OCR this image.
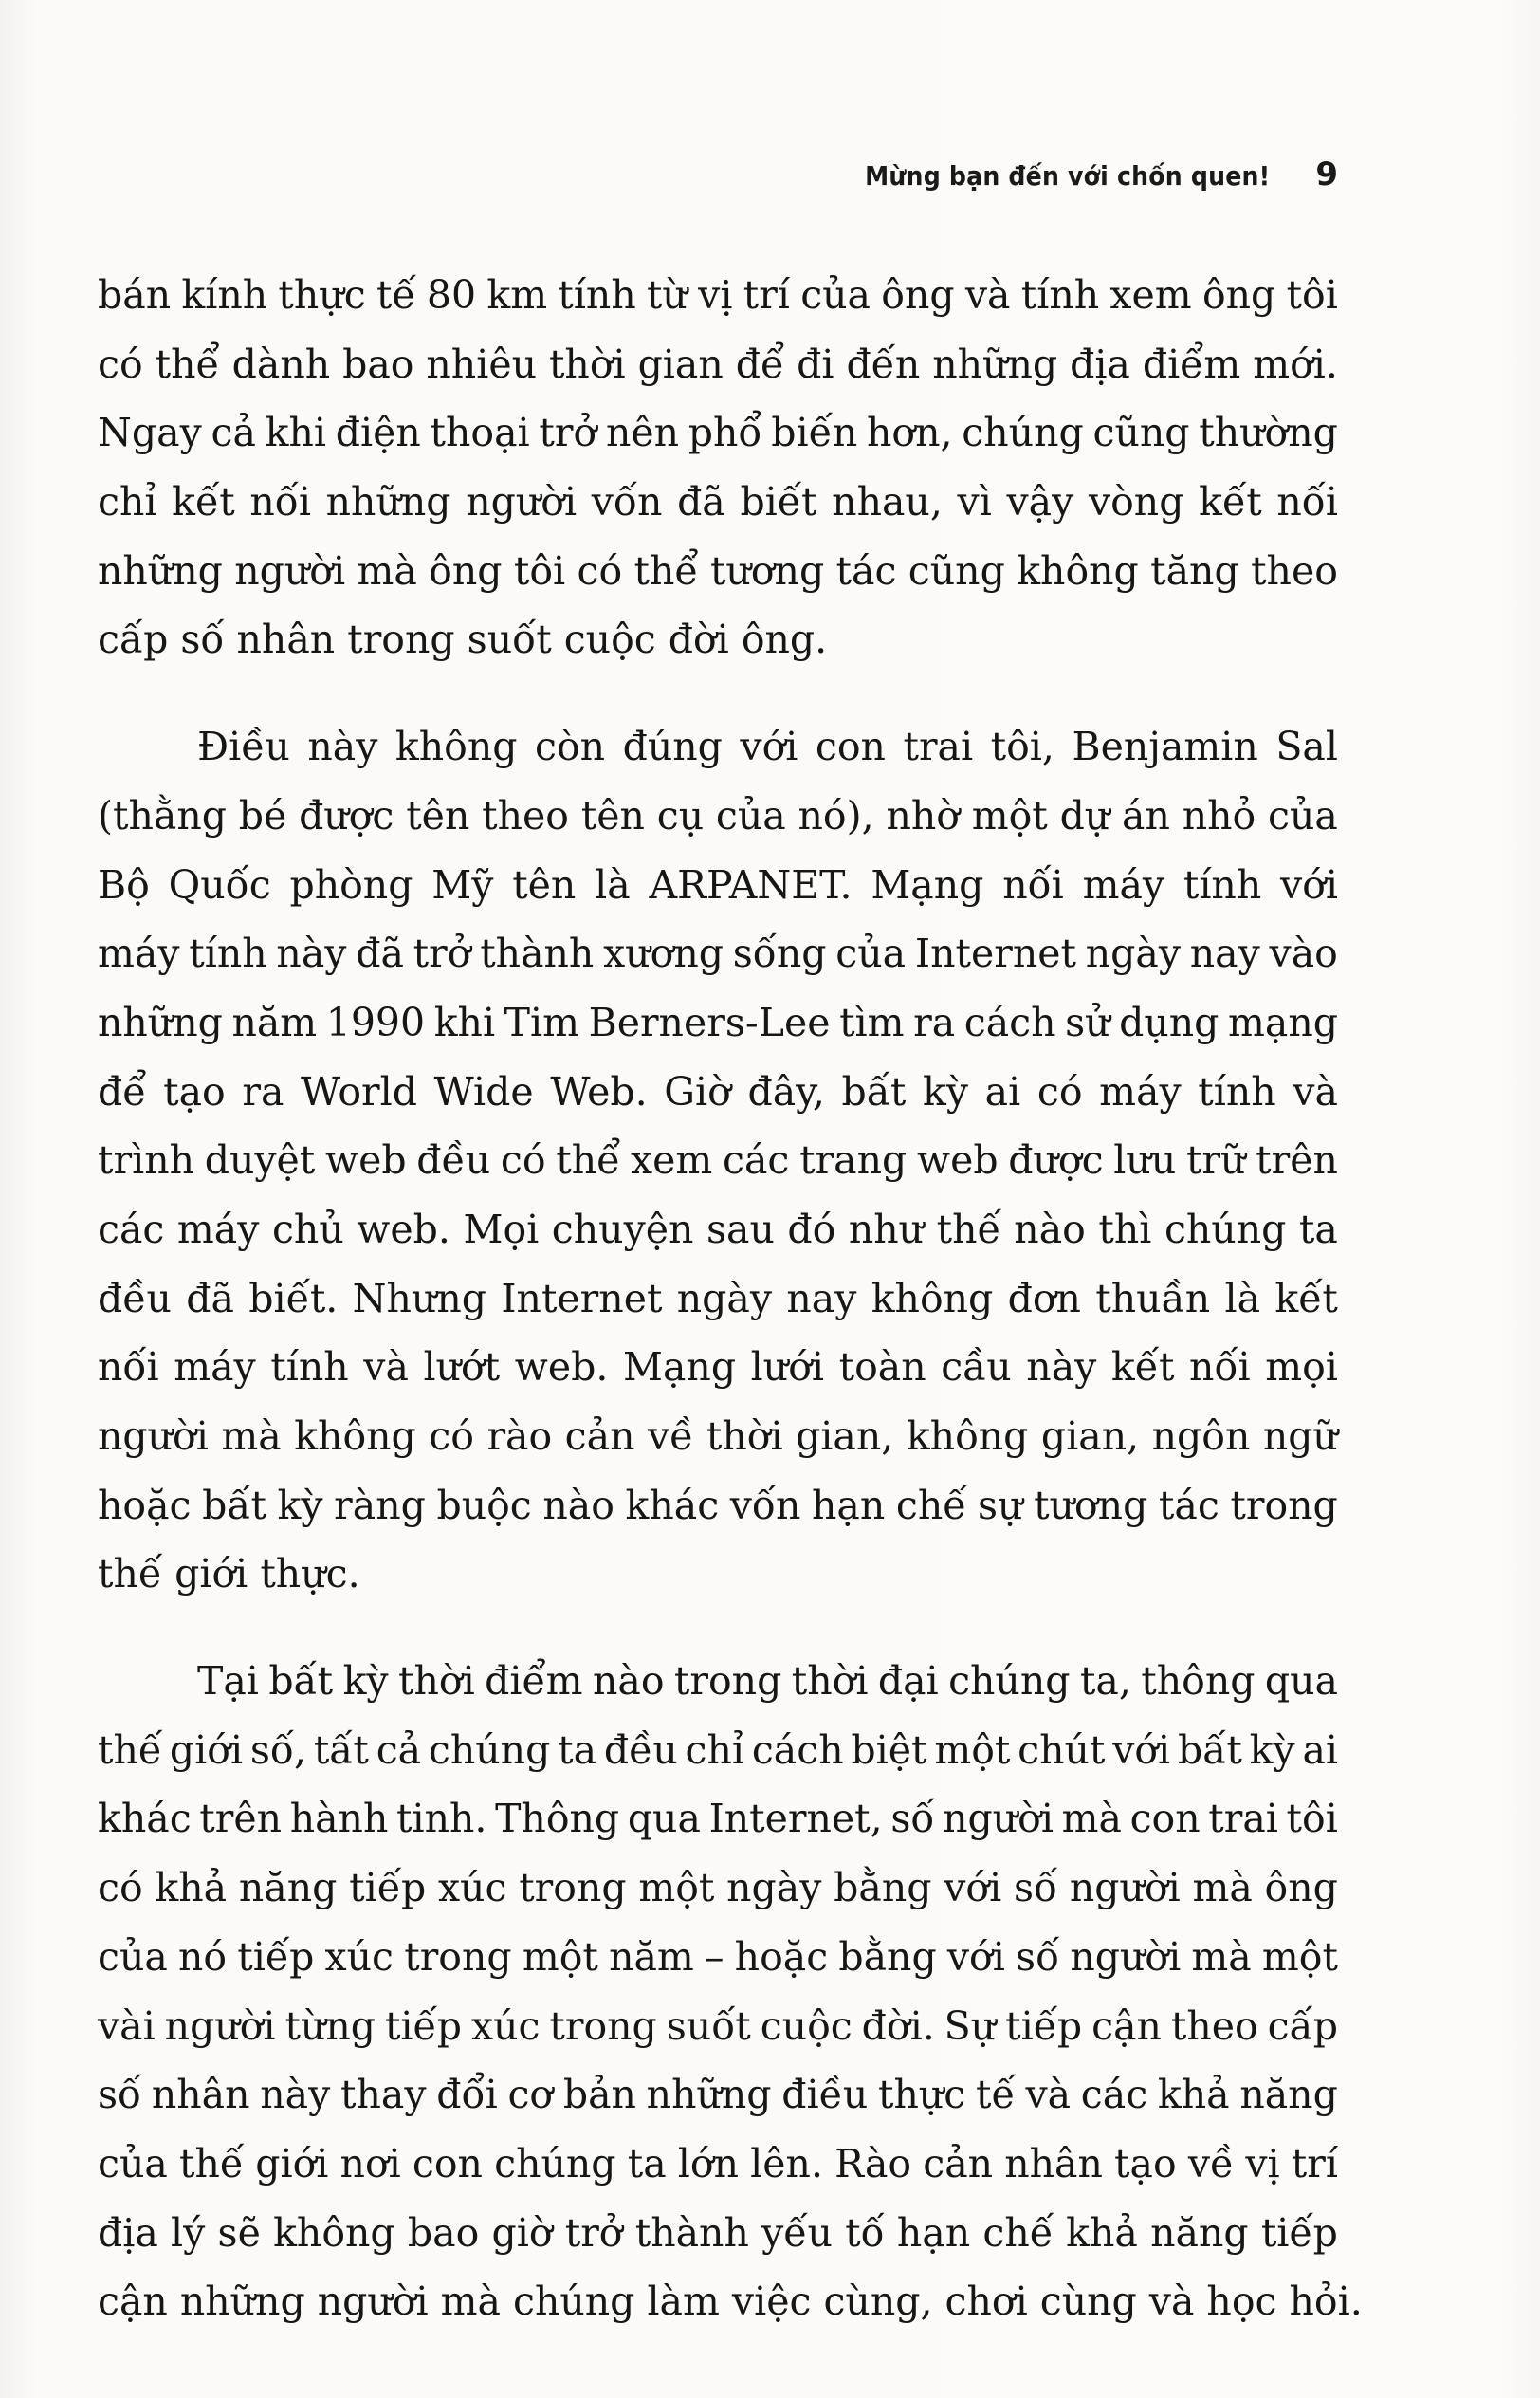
Mừng bạn đến với chốn quen! 9
bán kính thực tế 80 km tính từ vị trí của ông và tính xem ông tôi
có thể dành bao nhiêu thời gian để đi đến những địa điểm mới.
Ngay cả khi điện thoại trở nên phổ biến hơn, chúng cũng thường
chỉ kết nối những người vốn đã biết nhau, vì vậy vòng kết nối
những người mà ông tôi có thể tương tác cũng không tăng theo
cấp số nhân trong suốt cuộc đời ông.
Điều này không còn đúng với con trai tôi, Benjamin Sal
(thằng bé được tên theo tên cụ của nó), nhờ một dự án nhỏ của
Bộ Quốc phòng Mỹ tên là ARPANET. Mạng nối máy tính với
máy tính này đã trở thành xương sống của Internet ngày nay vào
những năm 1990 khi Tim Berners-Lee tìm ra cách sử dụng mạng
để tạo ra World Wide Web. Giờ đây, bất kỳ ai có máy tính và
trình duyệt web đều có thể xem các trang web được lưu trữ trên
các máy chủ web. Mọi chuyện sau đó như thế nào thì chúng ta
đều đã biết. Nhưng Internet ngày nay không đơn thuần là kết
nối máy tính và lướt web. Mạng lưới toàn cầu này kết nối mọi
người mà không có rào cản về thời gian, không gian, ngôn ngữ
hoặc bất kỳ ràng buộc nào khác vốn hạn chế sự tương tác trong
thế giới thực.
Tại bất kỳ thời điểm nào trong thời đại chúng ta, thông qua
thế giới số, tất cả chúng ta đều chỉ cách biệt một chút với bất kỳ ai
khác trên hành tinh. Thông qua Internet, số người mà con trai tôi
có khả năng tiếp xúc trong một ngày bằng với số người mà ông
của nó tiếp xúc trong một năm – hoặc bằng với số người mà một
vài người từng tiếp xúc trong suốt cuộc đời. Sự tiếp cận theo cấp
số nhân này thay đổi cơ bản những điều thực tế và các khả năng
của thế giới nơi con chúng ta lớn lên. Rào cản nhân tạo về vị trí
địa lý sẽ không bao giờ trở thành yếu tố hạn chế khả năng tiếp
cận những người mà chúng làm việc cùng, chơi cùng và học hỏi.
